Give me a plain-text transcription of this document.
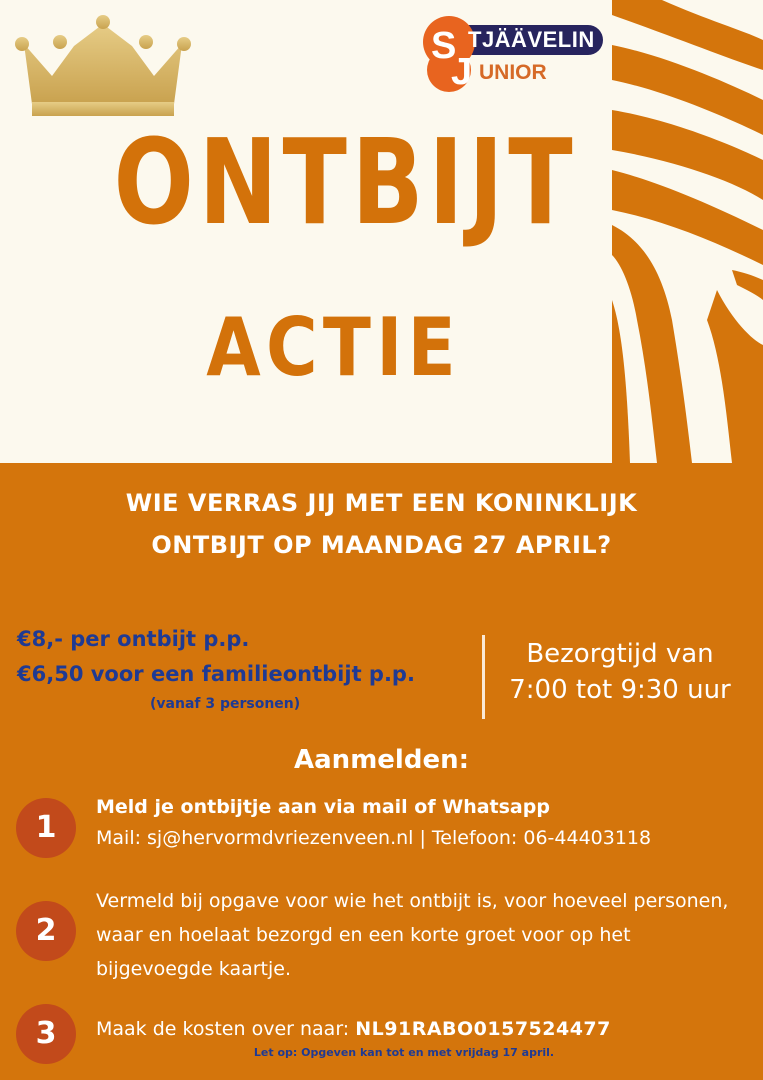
S
J
TJÄÄVELIN
UNIOR
ONTBIJT
ACTIE
WIE VERRAS JIJ MET EEN KONINKLIJK
ONTBIJT OP MAANDAG 27 APRIL?
€8,- per ontbijt p.p.
€6,50 voor een familieontbijt p.p.
(vanaf 3 personen)
Bezorgtijd van
7:00 tot 9:30 uur
Aanmelden:
1
Meld je ontbijtje aan via mail of Whatsapp
Mail: sj@hervormdvriezenveen.nl | Telefoon: 06-44403118
2
Vermeld bij opgave voor wie het ontbijt is, voor hoeveel personen, waar en hoelaat bezorgd en een korte groet voor op het bijgevoegde kaartje.
3	Maak de kosten over naar: NL91RABO0157524477
Let op: Opgeven kan tot en met vrijdag 17 april.
